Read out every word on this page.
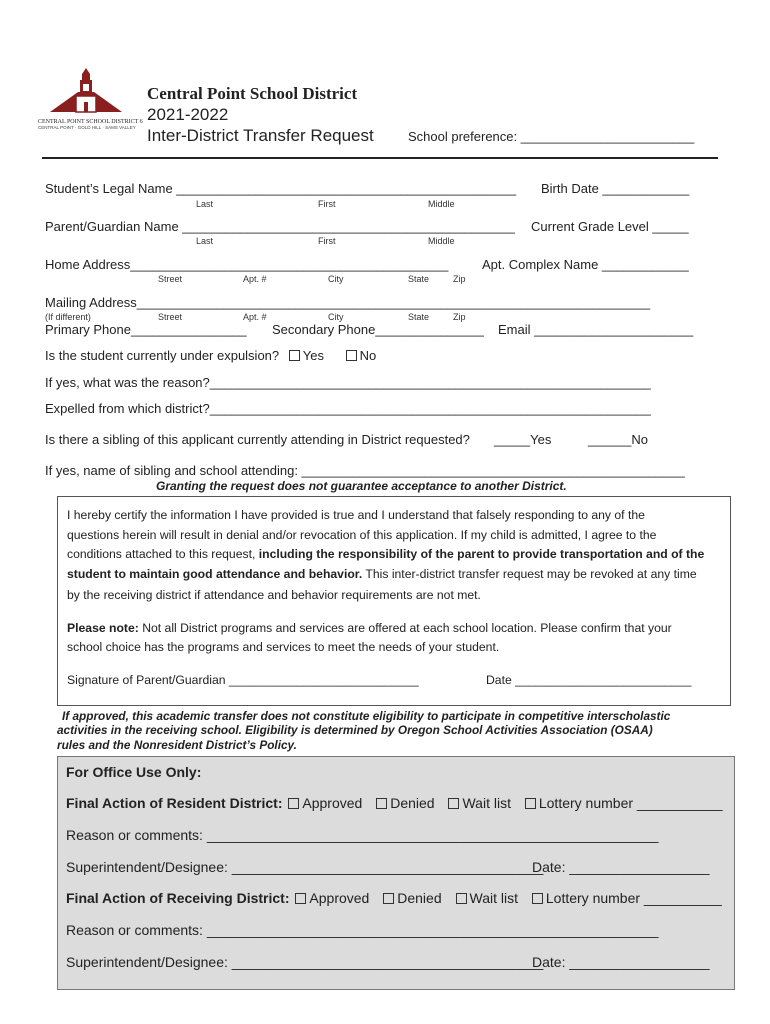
CENTRAL POINT SCHOOL DISTRICT 6
CENTRAL POINT · GOLD HILL · SAMS VALLEY
Central Point School District
2021-2022
Inter-District Transfer Request	School preference: ________________________
Student’s Legal Name _______________________________________________ Birth Date ____________
Last	First	Middle
Parent/Guardian Name ______________________________________________ Current Grade Level _____
Last	First	Middle
Home Address____________________________________________	Apt. Complex Name ____________
Street	Apt. #	City	State	Zip
Mailing Address_______________________________________________________________________
(If different)	Street	Apt. #	City	State	Zip
Primary Phone________________ Secondary Phone_______________ Email ______________________
Is the student currently under expulsion? Yes	No
If yes, what was the reason?_____________________________________________________________
Expelled from which district?_____________________________________________________________
Is there a sibling of this applicant currently attending in District requested? _____Yes	______No
If yes, name of sibling and school attending: _____________________________________________________
Granting the request does not guarantee acceptance to another District.
I hereby certify the information I have provided is true and I understand that falsely responding to any of the
questions herein will result in denial and/or revocation of this application. If my child is admitted, I agree to the
conditions attached to this request, including the responsibility of the parent to provide transportation and of the
student to maintain good attendance and behavior. This inter-district transfer request may be revoked at any time
by the receiving district if attendance and behavior requirements are not met.
Please note: Not all District programs and services are offered at each school location. Please confirm that your
school choice has the programs and services to meet the needs of your student.
Signature of Parent/Guardian ____________________________	Date __________________________
If approved, this academic transfer does not constitute eligibility to participate in competitive interscholastic
activities in the receiving school. Eligibility is determined by Oregon School Activities Association (OSAA)
rules and the Nonresident District’s Policy.
For Office Use Only:
Final Action of Resident District: Approved Denied Wait list Lottery number ___________
Reason or comments: __________________________________________________________
Superintendent/Designee: ________________________________________
Date: __________________
Final Action of Receiving District: Approved Denied Wait list Lottery number __________
Reason or comments: __________________________________________________________
Superintendent/Designee: ________________________________________
Date: __________________
